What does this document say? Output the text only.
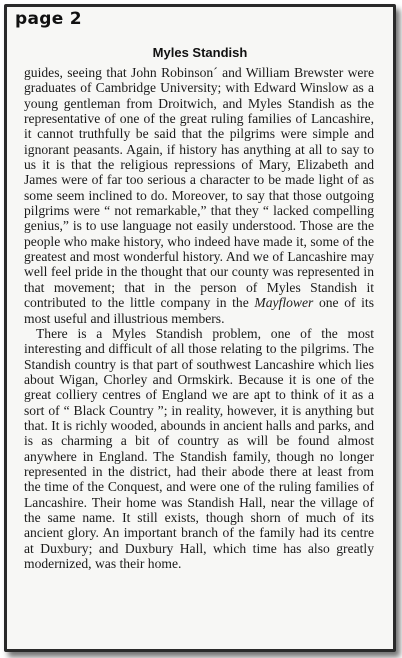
page 2
Myles Standish

guides, seeing that John Robinson´ and William Brewster were graduates of Cambridge University; with Edward Winslow as a young gentleman from Droitwich, and Myles Standish as the representative of one of the great ruling families of Lancashire, it cannot truthfully be said that the pilgrims were simple and ignorant peasants. Again, if history has anything at all to say to us it is that the religious repressions of Mary, Elizabeth and James were of far too serious a character to be made light of as some seem inclined to do. Moreover, to say that those outgoing pilgrims were “ not remarkable,” that they “ lacked compelling genius,” is to use language not easily understood. Those are the people who make history, who indeed have made it, some of the greatest and most wonderful history. And we of Lancashire may well feel pride in the thought that our county was represented in that movement; that in the person of Myles Standish it contributed to the little company in the Mayflower one of its most useful and illustrious members.

There is a Myles Standish problem, one of the most interesting and difficult of all those relating to the pilgrims. The Standish country is that part of southwest Lancashire which lies about Wigan, Chorley and Ormskirk. Because it is one of the great colliery centres of England we are apt to think of it as a sort of “ Black Country ”; in reality, however, it is anything but that. It is richly wooded, abounds in ancient halls and parks, and is as charming a bit of country as will be found almost anywhere in England. The Standish family, though no longer represented in the district, had their abode there at least from the time of the Conquest, and were one of the ruling families of Lancashire. Their home was Standish Hall, near the village of the same name. It still exists, though shorn of much of its ancient glory. An important branch of the family had its centre at Duxbury; and Duxbury Hall, which time has also greatly modernized, was their home.
